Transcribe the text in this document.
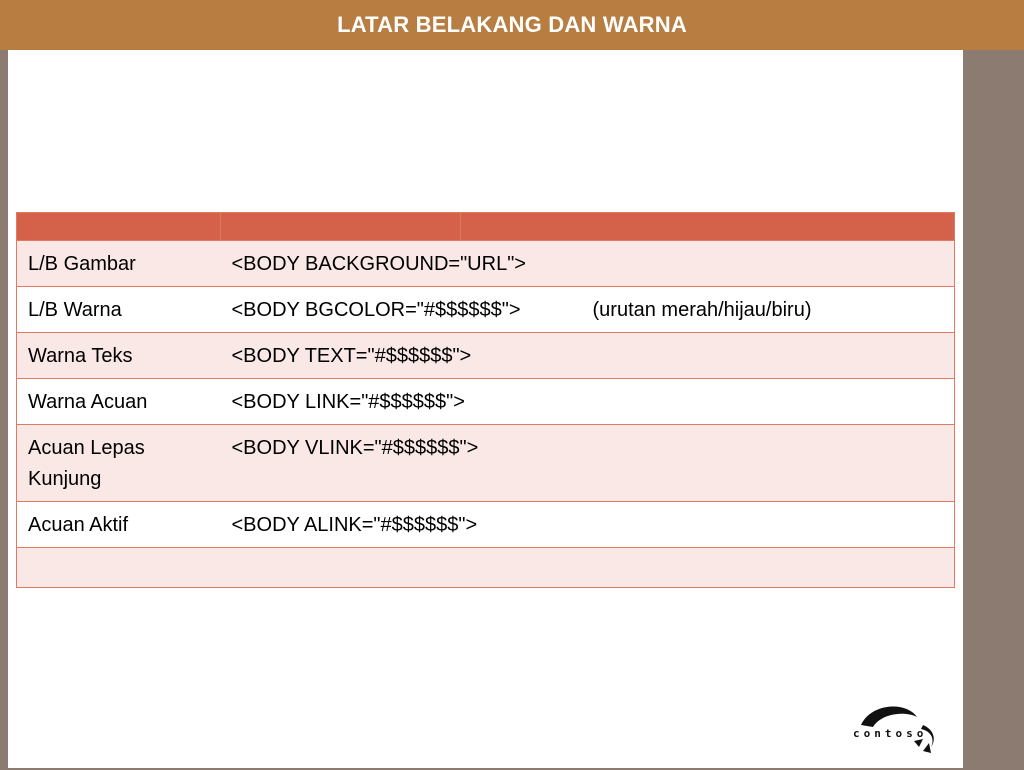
LATAR BELAKANG DAN WARNA

L/B Gambar	<BODY BACKGROUND="URL">	
L/B Warna	<BODY BGCOLOR="#$$$$$$"> (urutan merah/hijau/biru)	
Warna Teks	<BODY TEXT="#$$$$$$">	
Warna Acuan	<BODY LINK="#$$$$$$">	
Acuan Lepas Kunjung	<BODY VLINK="#$$$$$$">	
Acuan Aktif	<BODY ALINK="#$$$$$$">	

contoso
